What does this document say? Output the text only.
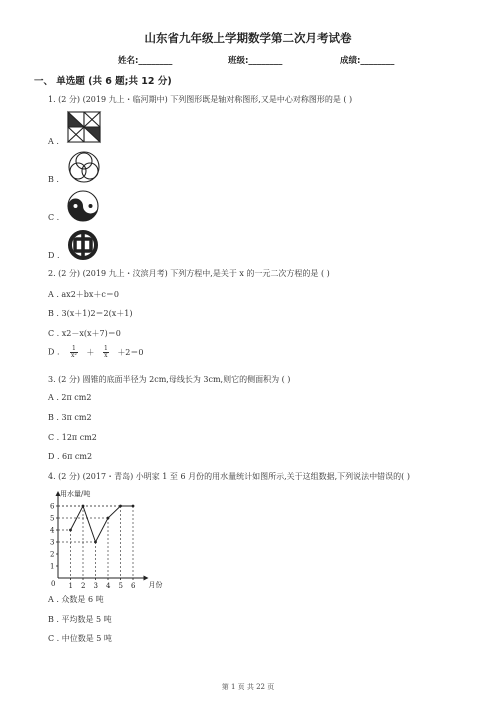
山东省九年级上学期数学第二次月考试卷
姓名:________	班级:________	成绩:________
一、 单选题 (共 6 题;共 12 分)
1. (2 分) (2019 九上・临河期中) 下列图形既是轴对称图形,又是中心对称图形的是 ( )
A .
B .
C .
D .
2. (2 分) (2019 九上・汶滨月考) 下列方程中,是关于 x 的一元二次方程的是 ( )
A . ax2＋bx＋c＝0
B . 3(x＋1)2＝2(x＋1)
C . x2－x(x＋7)＝0
D . $\frac{1}{\text{x²}} + \frac{1}{x} +2=0$
3. (2 分) 圆锥的底面半径为 2cm,母线长为 3cm,则它的侧面积为 ( )
A . 2π cm2
B . 3π cm2
C . 12π cm2
D . 6π cm2
4. (2 分) (2017・青岛) 小明家 1 至 6 月份的用水量统计如图所示,关于这组数据,下列说法中错误的( )
用水量/吨
月份
0
1
2
3
4
5
6
1 2 3 4 5 6
A . 众数是 6 吨
B . 平均数是 5 吨
C . 中位数是 5 吨
第 1 页 共 22 页
